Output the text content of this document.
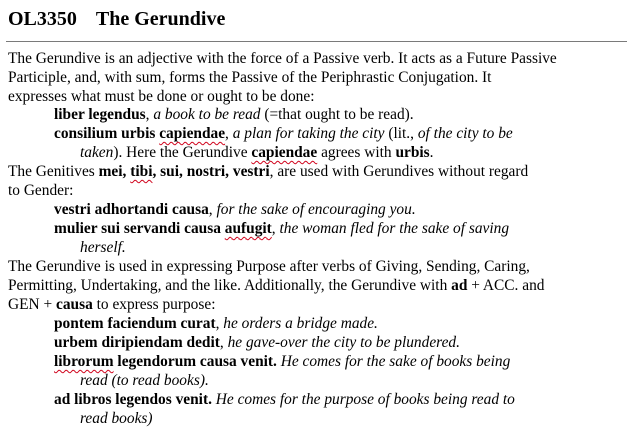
OL3350 The Gerundive
The Gerundive is an adjective with the force of a Passive verb. It acts as a Future Passive
Participle, and, with sum, forms the Passive of the Periphrastic Conjugation. It
expresses what must be done or ought to be done:
liber legendus, a book to be read (=that ought to be read).
consilium urbis capiendae, a plan for taking the city (lit., of the city to be
taken). Here the Gerundive capiendae agrees with urbis.
The Genitives mei, tibi, sui, nostri, vestri, are used with Gerundives without regard
to Gender:
vestri adhortandi causa, for the sake of encouraging you.
mulier sui servandi causa aufugit, the woman fled for the sake of saving
herself.
The Gerundive is used in expressing Purpose after verbs of Giving, Sending, Caring,
Permitting, Undertaking, and the like. Additionally, the Gerundive with ad + ACC. and
GEN + causa to express purpose:
pontem faciendum curat, he orders a bridge made.
urbem diripiendam dedit, he gave-over the city to be plundered.
librorum legendorum causa venit. He comes for the sake of books being
read (to read books).
ad libros legendos venit. He comes for the purpose of books being read to
read books)
